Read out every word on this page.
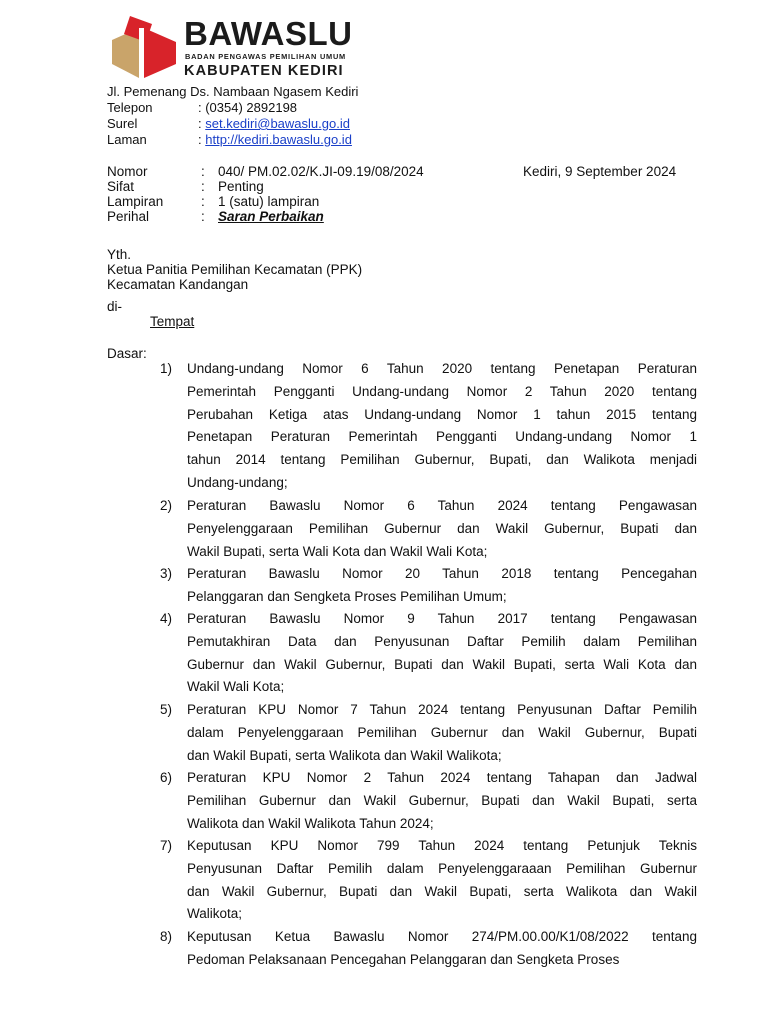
BAWASLU
BADAN PENGAWAS PEMILIHAN UMUM
KABUPATEN KEDIRI
Jl. Pemenang Ds. Nambaan Ngasem Kediri
Telepon	: (0354) 2892198
Surel	: set.kediri@bawaslu.go.id
Laman	: http://kediri.bawaslu.go.id
Nomor	: 040/ PM.02.02/K.JI-09.19/08/2024
Sifat	: Penting
Lampiran	: 1 (satu) lampiran
Perihal	: Saran Perbaikan
Kediri, 9 September 2024
Yth.
Ketua Panitia Pemilihan Kecamatan (PPK)
Kecamatan Kandangan
di-
Tempat
Dasar:
1) Undang-undang Nomor 6 Tahun 2020 tentang Penetapan Peraturan
Pemerintah Pengganti Undang-undang Nomor 2 Tahun 2020 tentang
Perubahan Ketiga atas Undang-undang Nomor 1 tahun 2015 tentang
Penetapan Peraturan Pemerintah Pengganti Undang-undang Nomor 1
tahun 2014 tentang Pemilihan Gubernur, Bupati, dan Walikota menjadi
Undang-undang;
2) Peraturan Bawaslu Nomor 6 Tahun 2024 tentang Pengawasan
Penyelenggaraan Pemilihan Gubernur dan Wakil Gubernur, Bupati dan
Wakil Bupati, serta Wali Kota dan Wakil Wali Kota;
3) Peraturan Bawaslu Nomor 20 Tahun 2018 tentang Pencegahan
Pelanggaran dan Sengketa Proses Pemilihan Umum;
4) Peraturan Bawaslu Nomor 9 Tahun 2017 tentang Pengawasan
Pemutakhiran Data dan Penyusunan Daftar Pemilih dalam Pemilihan
Gubernur dan Wakil Gubernur, Bupati dan Wakil Bupati, serta Wali Kota dan
Wakil Wali Kota;
5) Peraturan KPU Nomor 7 Tahun 2024 tentang Penyusunan Daftar Pemilih
dalam Penyelenggaraan Pemilihan Gubernur dan Wakil Gubernur, Bupati
dan Wakil Bupati, serta Walikota dan Wakil Walikota;
6) Peraturan KPU Nomor 2 Tahun 2024 tentang Tahapan dan Jadwal
Pemilihan Gubernur dan Wakil Gubernur, Bupati dan Wakil Bupati, serta
Walikota dan Wakil Walikota Tahun 2024;
7) Keputusan KPU Nomor 799 Tahun 2024 tentang Petunjuk Teknis
Penyusunan Daftar Pemilih dalam Penyelenggaraaan Pemilihan Gubernur
dan Wakil Gubernur, Bupati dan Wakil Bupati, serta Walikota dan Wakil
Walikota;
8) Keputusan Ketua Bawaslu Nomor 274/PM.00.00/K1/08/2022 tentang
Pedoman Pelaksanaan Pencegahan Pelanggaran dan Sengketa Proses
